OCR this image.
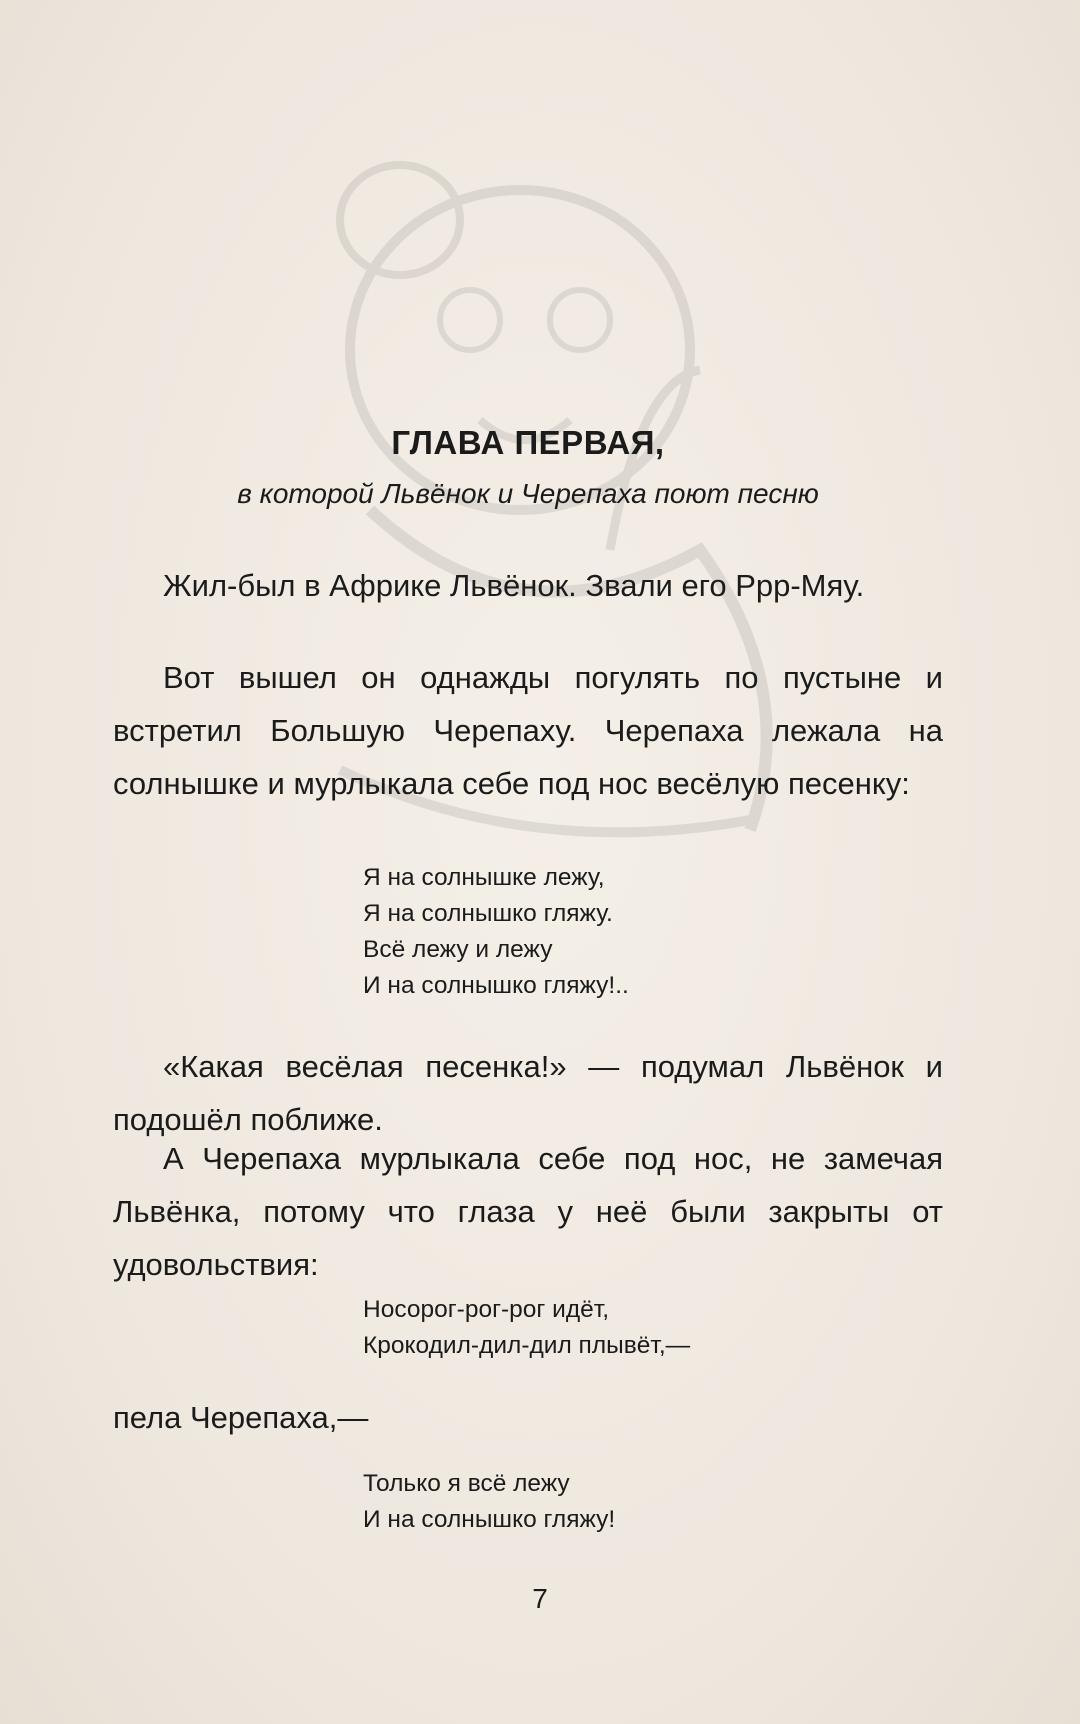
ГЛАВА ПЕРВАЯ,
в которой Львёнок и Черепаха поют песню

Жил-был в Африке Львёнок. Звали его Ррр-Мяу.

Вот вышел он однажды погулять по пустыне и встретил Большую Черепаху. Черепаха лежала на солнышке и мурлыкала себе под нос весёлую песенку:

Я на солнышке лежу,
Я на солнышко гляжу.
Всё лежу и лежу
И на солнышко гляжу!..

«Какая весёлая песенка!» — подумал Львёнок и подошёл поближе.

А Черепаха мурлыкала себе под нос, не замечая Львёнка, потому что глаза у неё были закрыты от удовольствия:

Носорог-рог-рог идёт,
Крокодил-дил-дил плывёт,—

пела Черепаха,—

Только я всё лежу
И на солнышко гляжу!
7
